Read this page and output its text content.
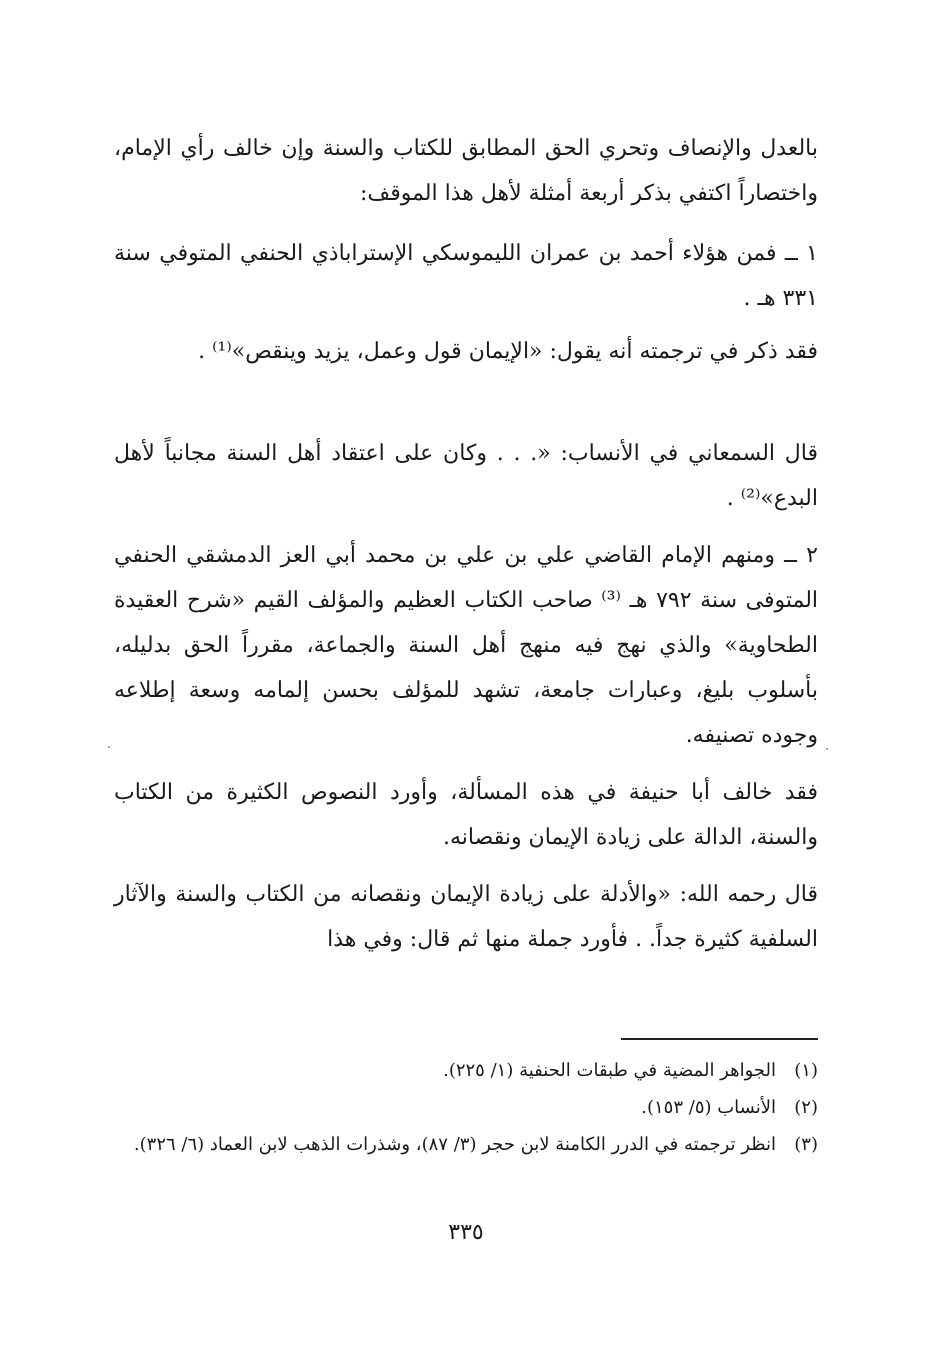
بالعدل والإنصاف وتحري الحق المطابق للكتاب والسنة وإن خالف رأي الإمام، واختصاراً اكتفي بذكر أربعة أمثلة لأهل هذا الموقف:

١ ــ فمن هؤلاء أحمد بن عمران الليموسكي الإستراباذي الحنفي المتوفي سنة ٣٣١ هـ .

فقد ذكر في ترجمته أنه يقول: «الإيمان قول وعمل، يزيد وينقص»⁽¹⁾ .

قال السمعاني في الأنساب: «. . . وكان على اعتقاد أهل السنة مجانباً لأهل البدع»⁽²⁾ .

٢ ــ ومنهم الإمام القاضي علي بن علي بن محمد أبي العز الدمشقي الحنفي المتوفى سنة ٧٩٢ هـ ⁽³⁾ صاحب الكتاب العظيم والمؤلف القيم «شرح العقيدة الطحاوية» والذي نهج فيه منهج أهل السنة والجماعة، مقرراً الحق بدليله، بأسلوب بليغ، وعبارات جامعة، تشهد للمؤلف بحسن إلمامه وسعة إطلاعه وجوده تصنيفه.

فقد خالف أبا حنيفة في هذه المسألة، وأورد النصوص الكثيرة من الكتاب والسنة، الدالة على زيادة الإيمان ونقصانه.

قال رحمه الله: «والأدلة على زيادة الإيمان ونقصانه من الكتاب والسنة والآثار السلفية كثيرة جداً. . فأورد جملة منها ثم قال: وفي هذا

(١)
الجواهر المضية في طبقات الحنفية (١/ ٢٢٥).
(٢)
الأنساب (٥/ ١٥٣).
(٣)
انظر ترجمته في الدرر الكامنة لابن حجر (٣/ ٨٧)، وشذرات الذهب لابن العماد (٦/ ٣٢٦).
٣٣٥
